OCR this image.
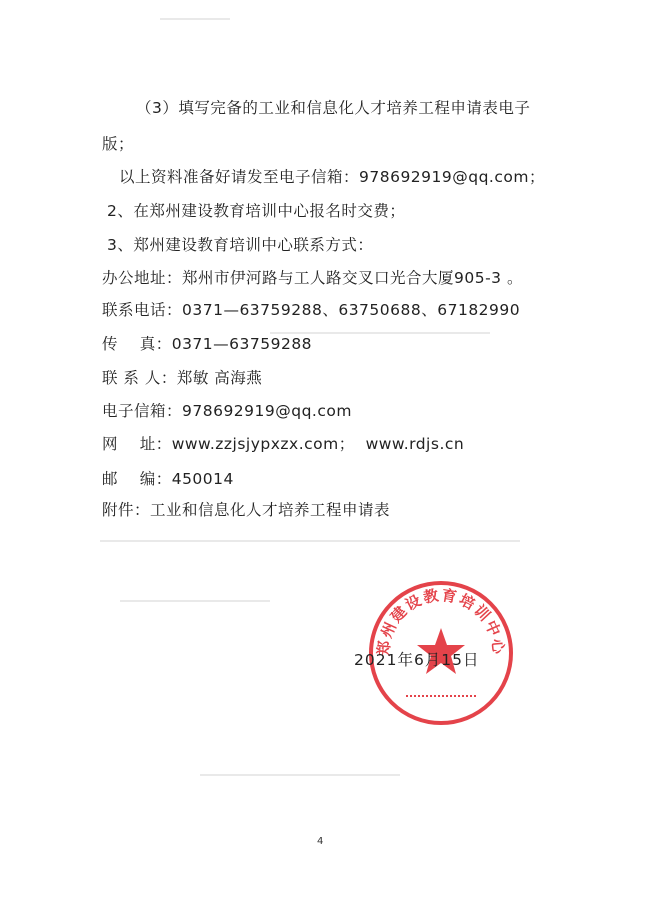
（3）填写完备的工业和信息化人才培养工程申请表电子
版；
以上资料准备好请发至电子信箱：978692919@qq.com；
2、在郑州建设教育培训中心报名时交费；
3、郑州建设教育培训中心联系方式：
办公地址：郑州市伊河路与工人路交叉口光合大厦905-3 。
联系电话：0371—63759288、63750688、67182990
传    真：0371—63759288
联 系 人：郑敏 高海燕
电子信箱：978692919@qq.com
网    址：www.zzjsjypxzx.com；  www.rdjs.cn
邮    编：450014
附件：工业和信息化人才培养工程申请表
郑州建设教育培训中心
2021年6月15日
4
